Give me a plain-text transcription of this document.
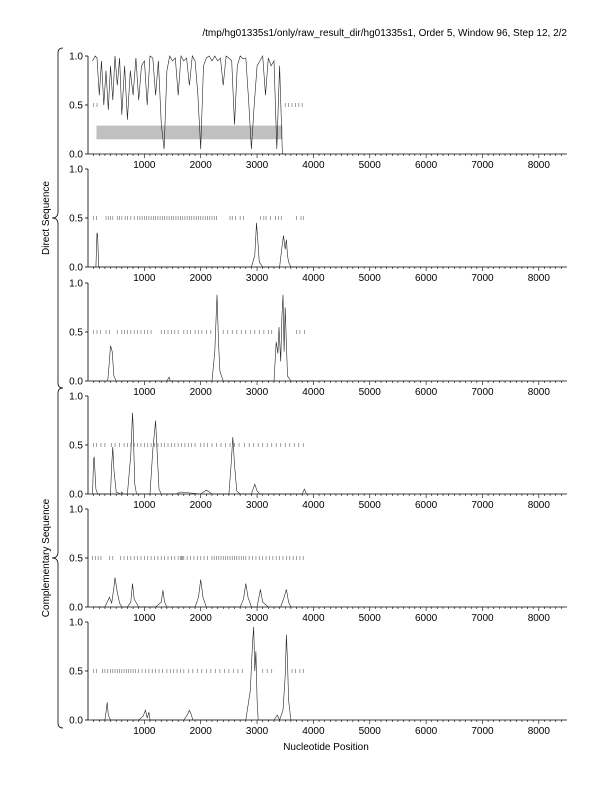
/tmp/hg01335s1/only/raw_result_dir/hg01335s1, Order 5, Window 96, Step 12, 2/2
Direct Sequence
Complementary Sequence
0.0
0.5
1.0
1000	2000	3000	4000	5000	6000	7000	8000
0.0
0.5
1.0
1000	2000	3000	4000	5000	6000	7000	8000
0.0
0.5
1.0
1000	2000	3000	4000	5000	6000	7000	8000
0.0
0.5
1.0
1000	2000	3000	4000	5000	6000	7000	8000
0.0
0.5
1.0
1000	2000	3000	4000	5000	6000	7000	8000
0.0
0.5
1.0
1000	2000	3000	4000	5000	6000	7000	8000
Nucleotide Position
